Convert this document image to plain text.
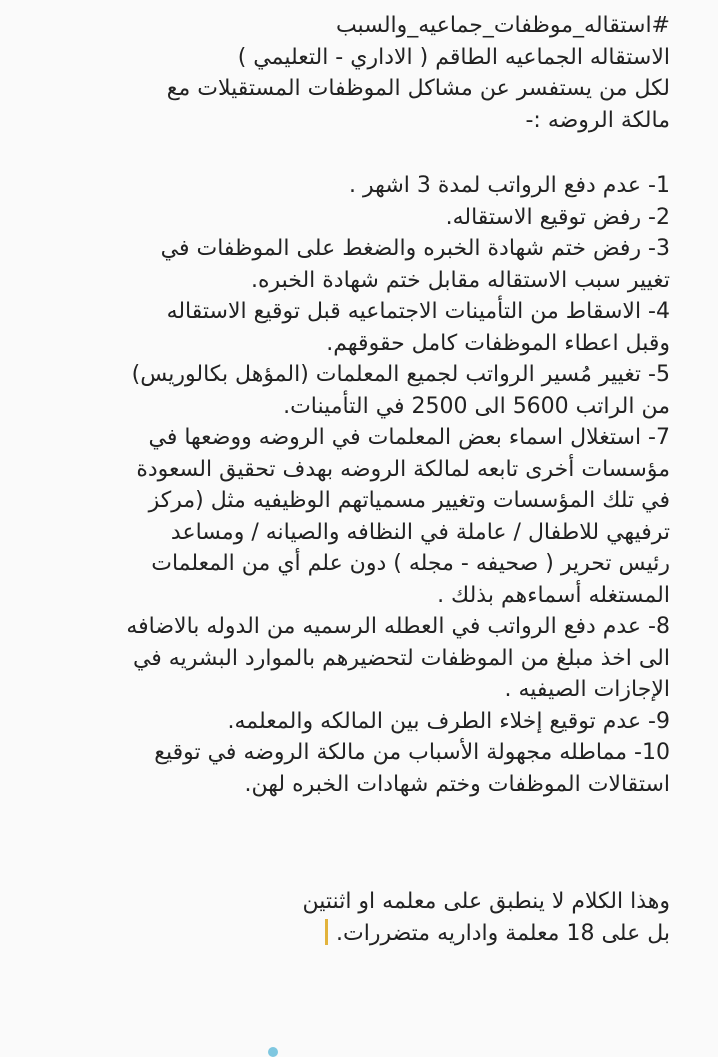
#استقاله_موظفات_جماعيه_والسبب
الاستقاله الجماعيه الطاقم ( الاداري - التعليمي )
لكل من يستفسر عن مشاكل الموظفات المستقيلات مع
مالكة الروضه :-
1- عدم دفع الرواتب لمدة 3 اشهر .
2- رفض توقيع الاستقاله.
3- رفض ختم شهادة الخبره والضغط على الموظفات في
تغيير سبب الاستقاله مقابل ختم شهادة الخبره.
4- الاسقاط من التأمينات الاجتماعيه قبل توقيع الاستقاله
وقبل اعطاء الموظفات كامل حقوقهم.
5- تغيير مُسير الرواتب لجميع المعلمات (المؤهل بكالوريس)
من الراتب 5600 الى 2500 في التأمينات.
7- استغلال اسماء بعض المعلمات في الروضه ووضعها في
مؤسسات أخرى تابعه لمالكة الروضه بهدف تحقيق السعودة
في تلك المؤسسات وتغيير مسمياتهم الوظيفيه مثل (مركز
ترفيهي للاطفال / عاملة في النظافه والصيانه / ومساعد
رئيس تحرير ( صحيفه - مجله ) دون علم أي من المعلمات
المستغله أسماءهم بذلك .
8- عدم دفع الرواتب في العطله الرسميه من الدوله بالاضافه
الى اخذ مبلغ من الموظفات لتحضيرهم بالموارد البشريه في
الإجازات الصيفيه .
9- عدم توقيع إخلاء الطرف بين المالكه والمعلمه.
10- مماطله مجهولة الأسباب من مالكة الروضه في توقيع
استقالات الموظفات وختم شهادات الخبره لهن.
وهذا الكلام لا ينطبق على معلمه او اثنتين
بل على 18 معلمة واداريه متضررات.
